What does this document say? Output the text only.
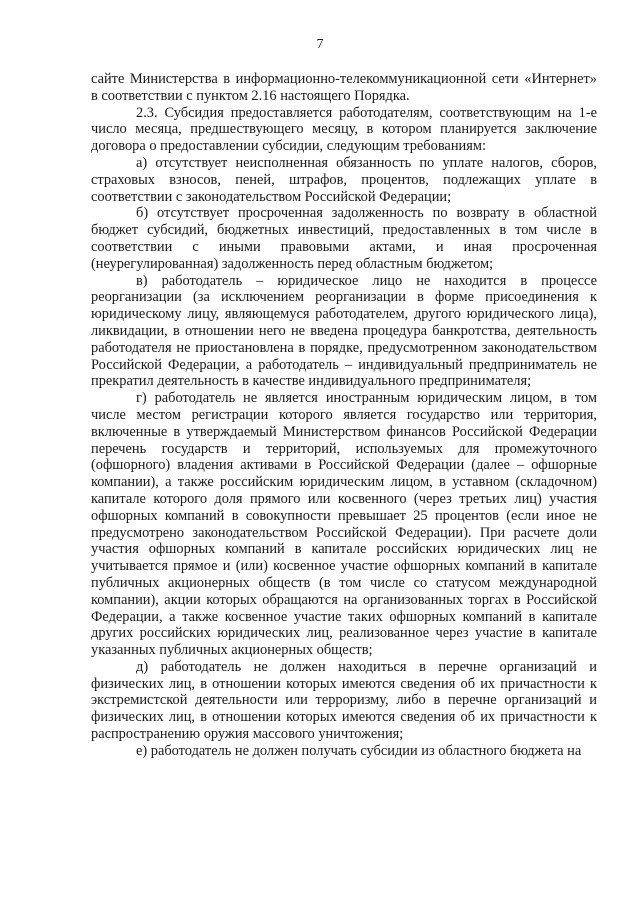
7

сайте Министерства в информационно-телекоммуникационной сети «Интернет» в соответствии с пунктом 2.16 настоящего Порядка.

2.3. Субсидия предоставляется работодателям, соответствующим на 1-е число месяца, предшествующего месяцу, в котором планируется заключение договора о предоставлении субсидии, следующим требованиям:

а) отсутствует неисполненная обязанность по уплате налогов, сборов, страховых взносов, пеней, штрафов, процентов, подлежащих уплате в соответствии с законодательством Российской Федерации;

б) отсутствует просроченная задолженность по возврату в областной бюджет субсидий, бюджетных инвестиций, предоставленных в том числе в соответствии с иными правовыми актами, и иная просроченная (неурегулированная) задолженность перед областным бюджетом;

в) работодатель – юридическое лицо не находится в процессе реорганизации (за исключением реорганизации в форме присоединения к юридическому лицу, являющемуся работодателем, другого юридического лица), ликвидации, в отношении него не введена процедура банкротства, деятельность работодателя не приостановлена в порядке, предусмотренном законодательством Российской Федерации, а работодатель – индивидуальный предприниматель не прекратил деятельность в качестве индивидуального предпринимателя;

г) работодатель не является иностранным юридическим лицом, в том числе местом регистрации которого является государство или территория, включенные в утверждаемый Министерством финансов Российской Федерации перечень государств и территорий, используемых для промежуточного (офшорного) владения активами в Российской Федерации (далее – офшорные компании), а также российским юридическим лицом, в уставном (складочном) капитале которого доля прямого или косвенного (через третьих лиц) участия офшорных компаний в совокупности превышает 25 процентов (если иное не предусмотрено законодательством Российской Федерации). При расчете доли участия офшорных компаний в капитале российских юридических лиц не учитывается прямое и (или) косвенное участие офшорных компаний в капитале публичных акционерных обществ (в том числе со статусом международной компании), акции которых обращаются на организованных торгах в Российской Федерации, а также косвенное участие таких офшорных компаний в капитале других российских юридических лиц, реализованное через участие в капитале указанных публичных акционерных обществ;

д) работодатель не должен находиться в перечне организаций и физических лиц, в отношении которых имеются сведения об их причастности к экстремистской деятельности или терроризму, либо в перечне организаций и физических лиц, в отношении которых имеются сведения об их причастности к распространению оружия массового уничтожения;

е) работодатель не должен получать субсидии из областного бюджета на
